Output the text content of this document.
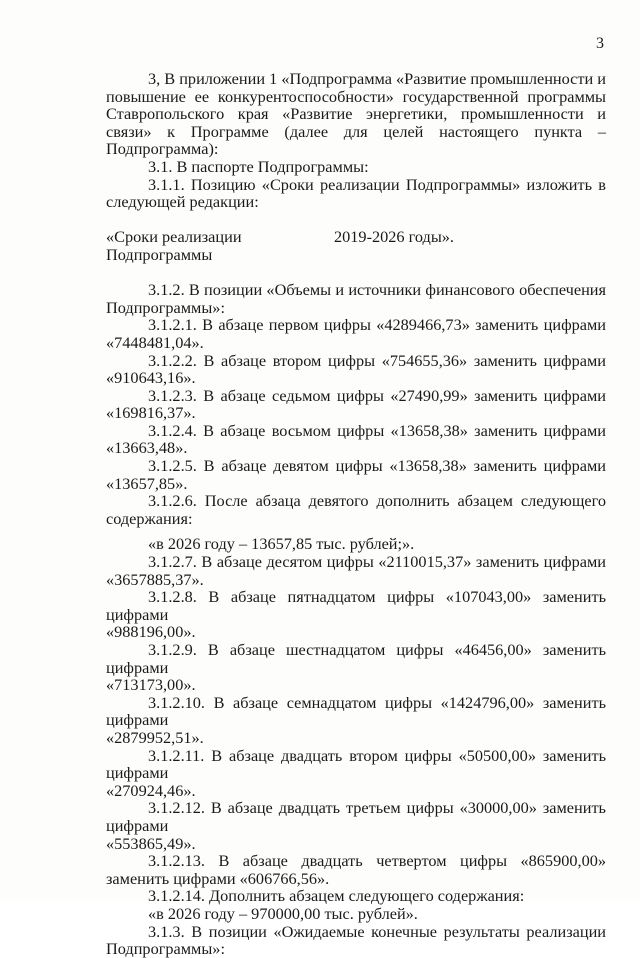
3

3, В приложении 1 «Подпрограмма «Развитие промышленности и повышение ее конкурентоспособности» государственной программы Ставропольского края «Развитие энергетики, промышленности и связи» к Программе (далее для целей настоящего пункта – Подпрограмма):

3.1. В паспорте Подпрограммы:

3.1.1. Позицию «Сроки реализации Подпрограммы» изложить в следующей редакции:

«Сроки реализации Подпрограммы
2019-2026 годы».

3.1.2. В позиции «Объемы и источники финансового обеспечения Подпрограммы»:

3.1.2.1. В абзаце первом цифры «4289466,73» заменить цифрами

«7448481,04».

3.1.2.2. В абзаце втором цифры «754655,36» заменить цифрами

«910643,16».

3.1.2.3. В абзаце седьмом цифры «27490,99» заменить цифрами

«169816,37».

3.1.2.4. В абзаце восьмом цифры «13658,38» заменить цифрами

«13663,48».

3.1.2.5. В абзаце девятом цифры «13658,38» заменить цифрами

«13657,85».

3.1.2.6. После абзаца девятого дополнить абзацем следующего содержания:

«в 2026 году – 13657,85 тыс. рублей;».

3.1.2.7. В абзаце десятом цифры «2110015,37» заменить цифрами

«3657885,37».

3.1.2.8. В абзаце пятнадцатом цифры «107043,00» заменить цифрами

«988196,00».

3.1.2.9. В абзаце шестнадцатом цифры «46456,00» заменить цифрами

«713173,00».

3.1.2.10. В абзаце семнадцатом цифры «1424796,00» заменить цифрами

«2879952,51».

3.1.2.11. В абзаце двадцать втором цифры «50500,00» заменить цифрами

«270924,46».

3.1.2.12. В абзаце двадцать третьем цифры «30000,00» заменить цифрами

«553865,49».

3.1.2.13. В абзаце двадцать четвертом цифры «865900,00» заменить цифрами «606766,56».

3.1.2.14. Дополнить абзацем следующего содержания:

«в 2026 году – 970000,00 тыс. рублей».

3.1.3. В позиции «Ожидаемые конечные результаты реализации Подпрограммы»:
